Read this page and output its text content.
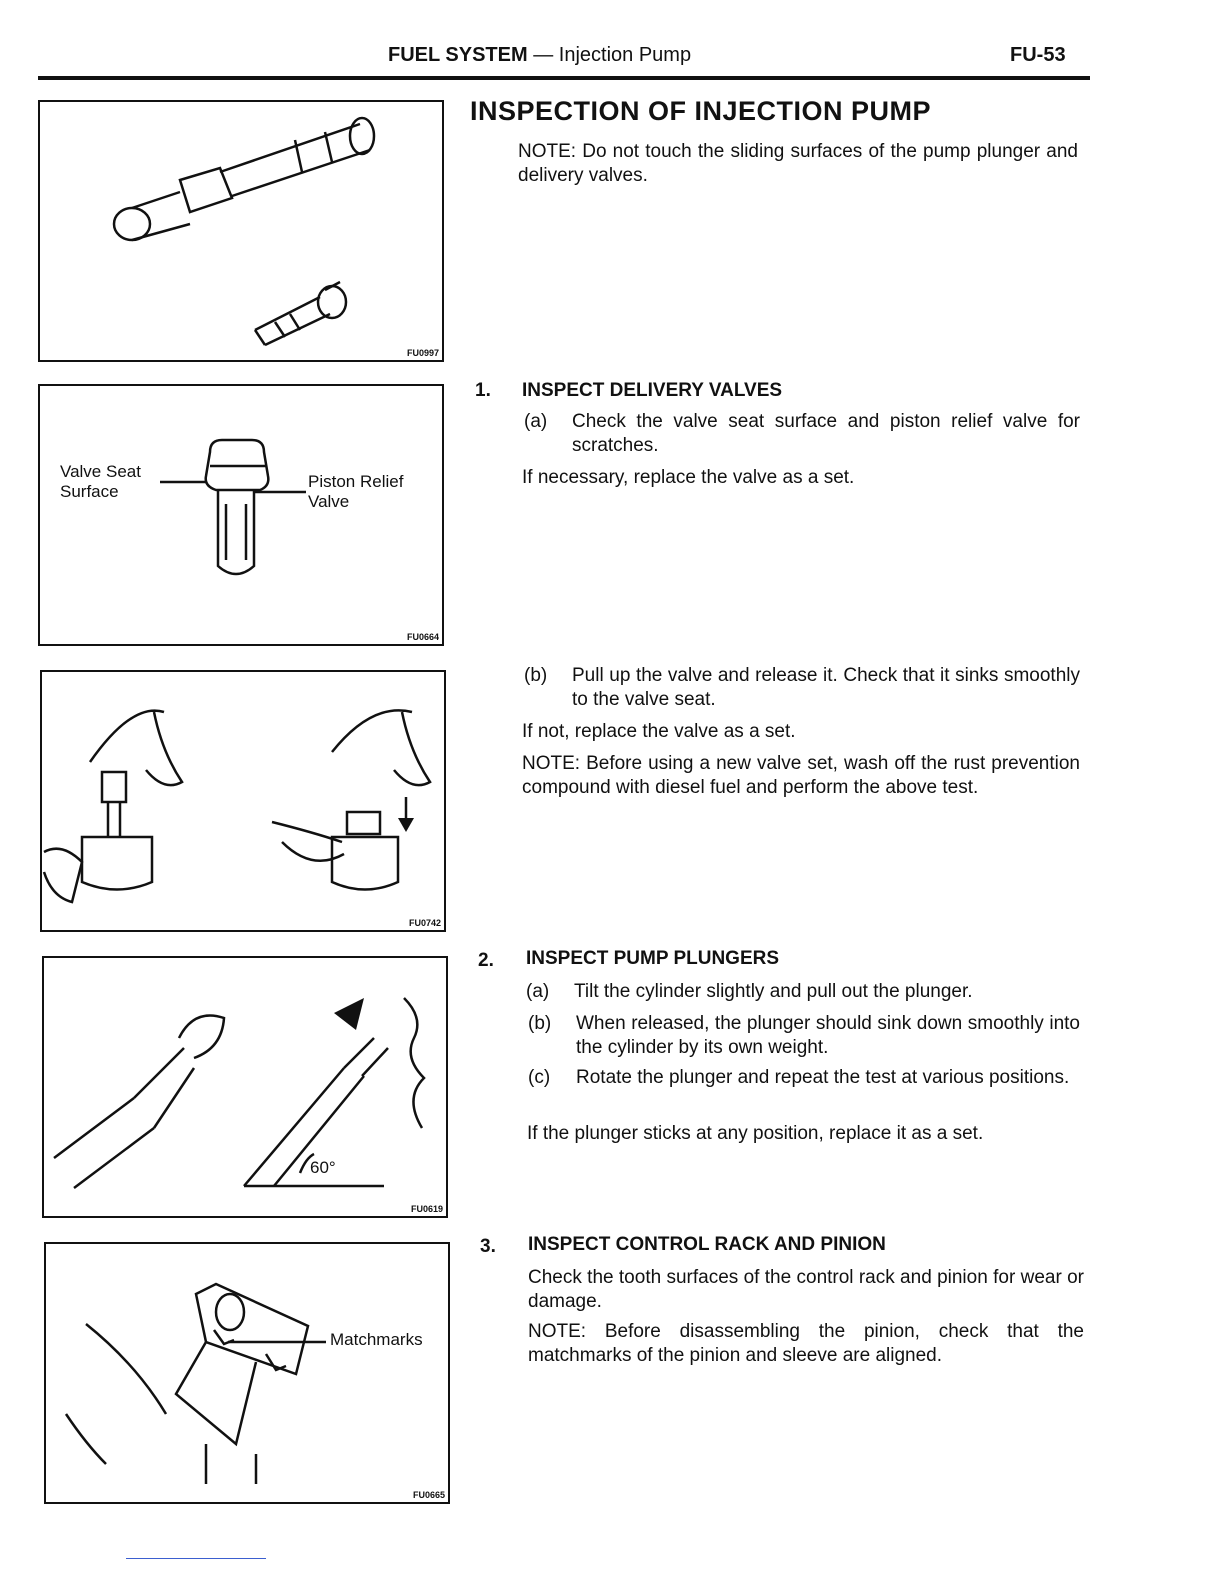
FUEL SYSTEM — Injection Pump	FU-53
FU0997
Valve Seat
Surface
Piston Relief
Valve
FU0664
FU0742
60°
FU0619
Matchmarks
FU0665
INSPECTION OF INJECTION PUMP
NOTE: Do not touch the sliding surfaces of the pump plunger and delivery valves.
1. INSPECT DELIVERY VALVES
(a)	Check the valve seat surface and piston relief valve for scratches.
If necessary, replace the valve as a set.
(b)	Pull up the valve and release it. Check that it sinks smoothly to the valve seat.
If not, replace the valve as a set.
NOTE: Before using a new valve set, wash off the rust prevention compound with diesel fuel and perform the above test.
2. INSPECT PUMP PLUNGERS
(a)	Tilt the cylinder slightly and pull out the plunger.
(b)	When released, the plunger should sink down smoothly into the cylinder by its own weight.
(c)	Rotate the plunger and repeat the test at various positions.
If the plunger sticks at any position, replace it as a set.
3. INSPECT CONTROL RACK AND PINION
Check the tooth surfaces of the control rack and pinion for wear or damage.
NOTE: Before disassembling the pinion, check that the matchmarks of the pinion and sleeve are aligned.
